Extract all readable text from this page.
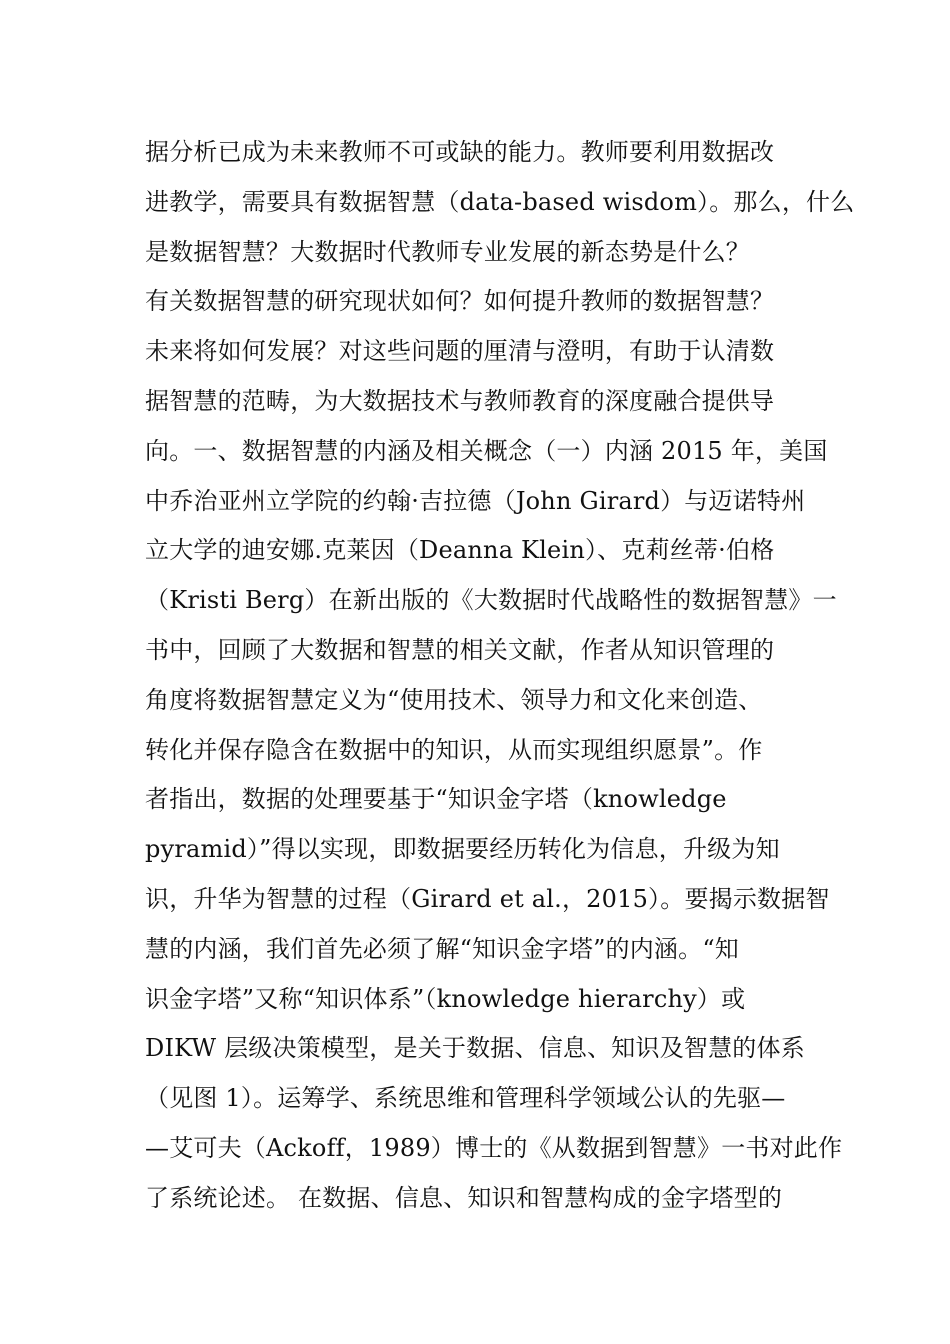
据分析已成为未来教师不可或缺的能力。教师要利用数据改
进教学，需要具有数据智慧（data-based wisdom）。那么，什么
是数据智慧？大数据时代教师专业发展的新态势是什么？
有关数据智慧的研究现状如何？如何提升教师的数据智慧？
未来将如何发展？对这些问题的厘清与澄明，有助于认清数
据智慧的范畴，为大数据技术与教师教育的深度融合提供导
向。一、数据智慧的内涵及相关概念（一）内涵 2015 年，美国
中乔治亚州立学院的约翰·吉拉德（John Girard）与迈诺特州
立大学的迪安娜.克莱因（Deanna Klein）、克莉丝蒂·伯格
（Kristi Berg）在新出版的《大数据时代战略性的数据智慧》一
书中，回顾了大数据和智慧的相关文献，作者从知识管理的
角度将数据智慧定义为“使用技术、领导力和文化来创造、
转化并保存隐含在数据中的知识，从而实现组织愿景”。作
者指出，数据的处理要基于“知识金字塔（knowledge
pyramid）”得以实现，即数据要经历转化为信息，升级为知
识，升华为智慧的过程（Girard et al.，2015）。要揭示数据智
慧的内涵，我们首先必须了解“知识金字塔”的内涵。“知
识金字塔”又称“知识体系”（knowledge hierarchy）或
DIKW 层级决策模型，是关于数据、信息、知识及智慧的体系
（见图 1）。运筹学、系统思维和管理科学领域公认的先驱—
—艾可夫（Ackoff，1989）博士的《从数据到智慧》一书对此作
了系统论述。 在数据、信息、知识和智慧构成的金字塔型的
